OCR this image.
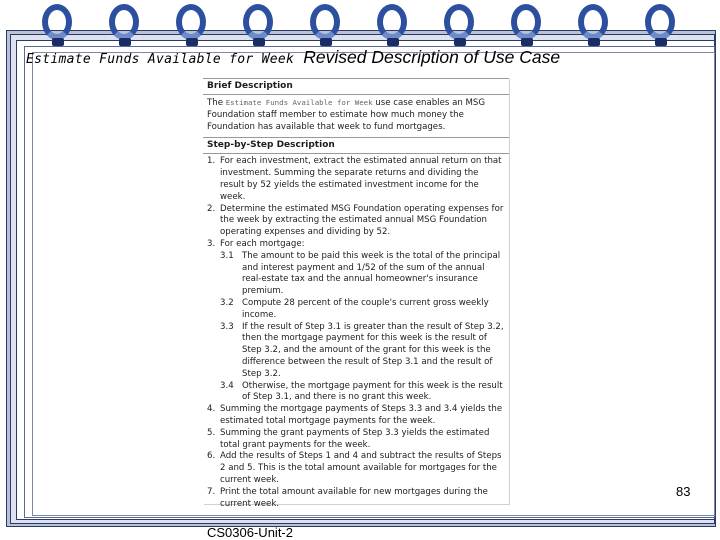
Estimate Funds Available for Week Revised Description of Use Case
Brief Description
The Estimate Funds Available for Week use case enables an MSG Foundation staff member to estimate how much money the Foundation has available that week to fund mortgages.
Step-by-Step Description
1. For each investment, extract the estimated annual return on that investment. Summing the separate returns and dividing the result by 52 yields the estimated investment income for the week.
2. Determine the estimated MSG Foundation operating expenses for the week by extracting the estimated annual MSG Foundation operating expenses and dividing by 52.
3. For each mortgage:
3.1 The amount to be paid this week is the total of the principal and interest payment and 1/52 of the sum of the annual real-estate tax and the annual homeowner's insurance premium.
3.2 Compute 28 percent of the couple's current gross weekly income.
3.3 If the result of Step 3.1 is greater than the result of Step 3.2, then the mortgage payment for this week is the result of Step 3.2, and the amount of the grant for this week is the difference between the result of Step 3.1 and the result of Step 3.2.
3.4 Otherwise, the mortgage payment for this week is the result of Step 3.1, and there is no grant this week.
4. Summing the mortgage payments of Steps 3.3 and 3.4 yields the estimated total mortgage payments for the week.
5. Summing the grant payments of Step 3.3 yields the estimated total grant payments for the week.
6. Add the results of Steps 1 and 4 and subtract the results of Steps 2 and 5. This is the total amount available for mortgages for the current week.
7. Print the total amount available for new mortgages during the current week.
83
CS0306-Unit-2
